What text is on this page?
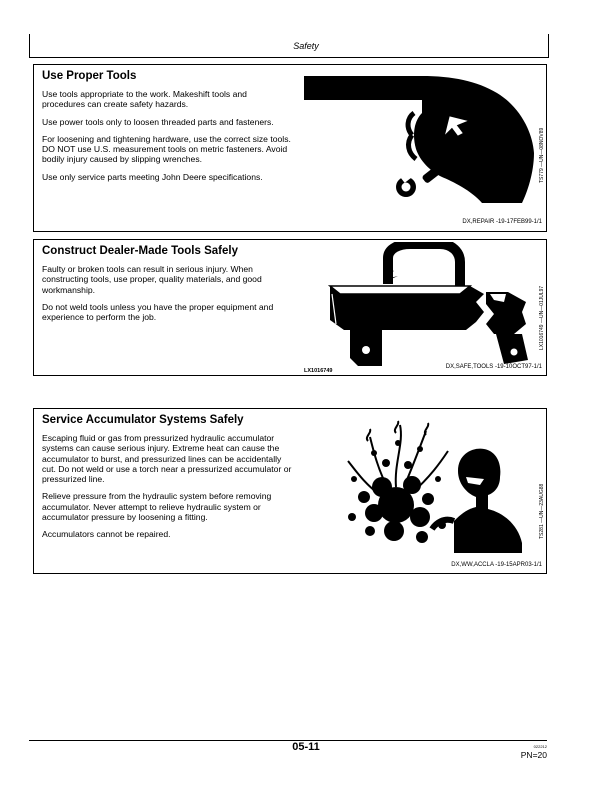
Safety
Use Proper Tools

Use tools appropriate to the work. Makeshift tools and procedures can create safety hazards.

Use power tools only to loosen threaded parts and fasteners.

For loosening and tightening hardware, use the correct size tools. DO NOT use U.S. measurement tools on metric fasteners. Avoid bodily injury caused by slipping wrenches.

Use only service parts meeting John Deere specifications.	TS779 —UN—08NOV89
DX,REPAIR -19-17FEB99-1/1
Construct Dealer-Made Tools Safely

Faulty or broken tools can result in serious injury. When constructing tools, use proper, quality materials, and good workmanship.

Do not weld tools unless you have the proper equipment and experience to perform the job.

LX1016749
LX1016749 —UN—01JUL97
DX,SAFE,TOOLS -19-10OCT97-1/1
Service Accumulator Systems Safely

Escaping fluid or gas from pressurized hydraulic accumulator systems can cause serious injury. Extreme heat can cause the accumulator to burst, and pressurized lines can be accidentally cut. Do not weld or use a torch near a pressurized accumulator or pressurized line.

Relieve pressure from the hydraulic system before removing accumulator. Never attempt to relieve hydraulic system or accumulator pressure by loosening a fitting.

Accumulators cannot be repaired.	TS281 —UN—23AUG88
DX,WW,ACCLA -19-15APR03-1/1
05-11	022212
PN=20
